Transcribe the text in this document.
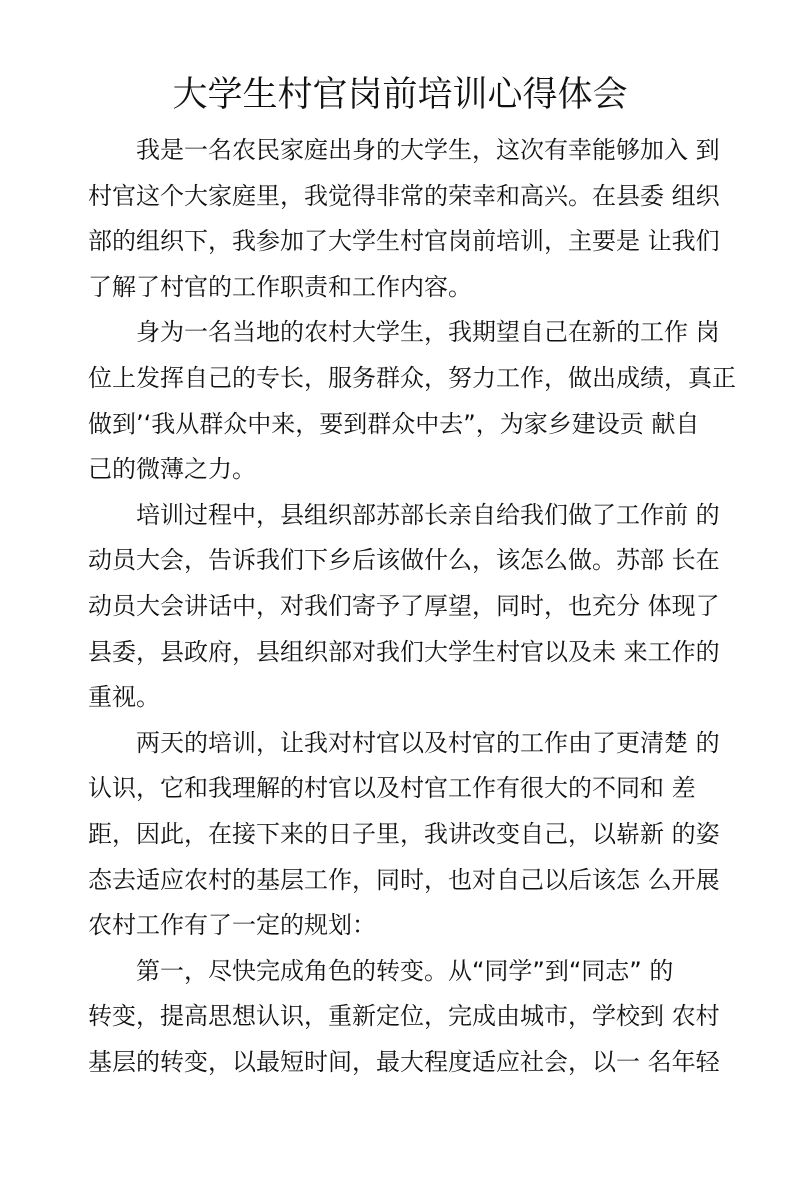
大学生村官岗前培训心得体会
我是一名农民家庭出身的大学生，这次有幸能够加入 到
村官这个大家庭里，我觉得非常的荣幸和高兴。在县委 组织
部的组织下，我参加了大学生村官岗前培训，主要是 让我们
了解了村官的工作职责和工作内容。
身为一名当地的农村大学生，我期望自己在新的工作 岗
位上发挥自己的专长，服务群众，努力工作，做出成绩，真正
做到’‘我从群众中来，要到群众中去”，为家乡建设贡 献自
己的微薄之力。
培训过程中，县组织部苏部长亲自给我们做了工作前 的
动员大会，告诉我们下乡后该做什么，该怎么做。苏部 长在
动员大会讲话中，对我们寄予了厚望，同时，也充分 体现了
县委，县政府，县组织部对我们大学生村官以及未 来工作的
重视。
两天的培训，让我对村官以及村官的工作由了更清楚 的
认识，它和我理解的村官以及村官工作有很大的不同和 差
距，因此，在接下来的日子里，我讲改变自己，以崭新 的姿
态去适应农村的基层工作，同时，也对自己以后该怎 么开展
农村工作有了一定的规划：
第一，尽快完成角色的转变。从“同学”到“同志” 的
转变，提高思想认识，重新定位，完成由城市，学校到 农村
基层的转变，以最短时间，最大程度适应社会，以一 名年轻
